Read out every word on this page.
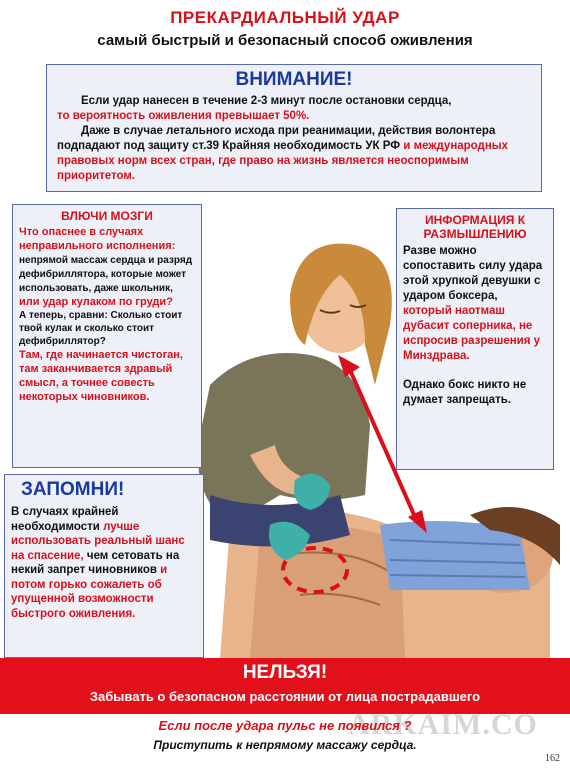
ПРЕКАРДИАЛЬНЫЙ УДАР
самый быстрый и безопасный способ оживления
ВНИМАНИЕ!

Если удар нанесен в течение 2-3 минут после остановки сердца,
то вероятность оживления превышает 50%.

Даже в случае летального исхода при реанимации, действия волонтера подпадают под защиту ст.39 Крайняя необходимость УК РФ и международных правовых норм всех стран, где право на жизнь является неоспоримым приоритетом.

ВЛЮЧИ МОЗГИ

Что опаснее в случаях неправильного исполнения: непрямой массаж сердца и разряд дефибриллятора, которые может использовать, даже школьник, или удар кулаком по груди?

А теперь, сравни: Сколько стоит твой кулак и сколько стоит дефибриллятор?

Там, где начинается чистоган, там заканчивается здравый смысл, а точнее совесть некоторых чиновников.

ИНФОРМАЦИЯ К РАЗМЫШЛЕНИЮ

Разве можно сопоставить силу удара этой хрупкой девушки с ударом боксера, который наотмаш дубасит соперника, не испросив разрешения у Минздрава.

Однако бокс никто не думает запрещать.

ЗАПОМНИ!

В случаях крайней необходимости лучше использовать реальный шанс на спасение, чем сетовать на некий запрет чиновников и потом горько сожалеть об упущенной возможности быстрого оживления.

НЕЛЬЗЯ!
Забывать о безопасном расстоянии от лица пострадавшего
ARKAIM.CO
Если после удара пульс не появился ?
Приступить к непрямому массажу сердца.
162
